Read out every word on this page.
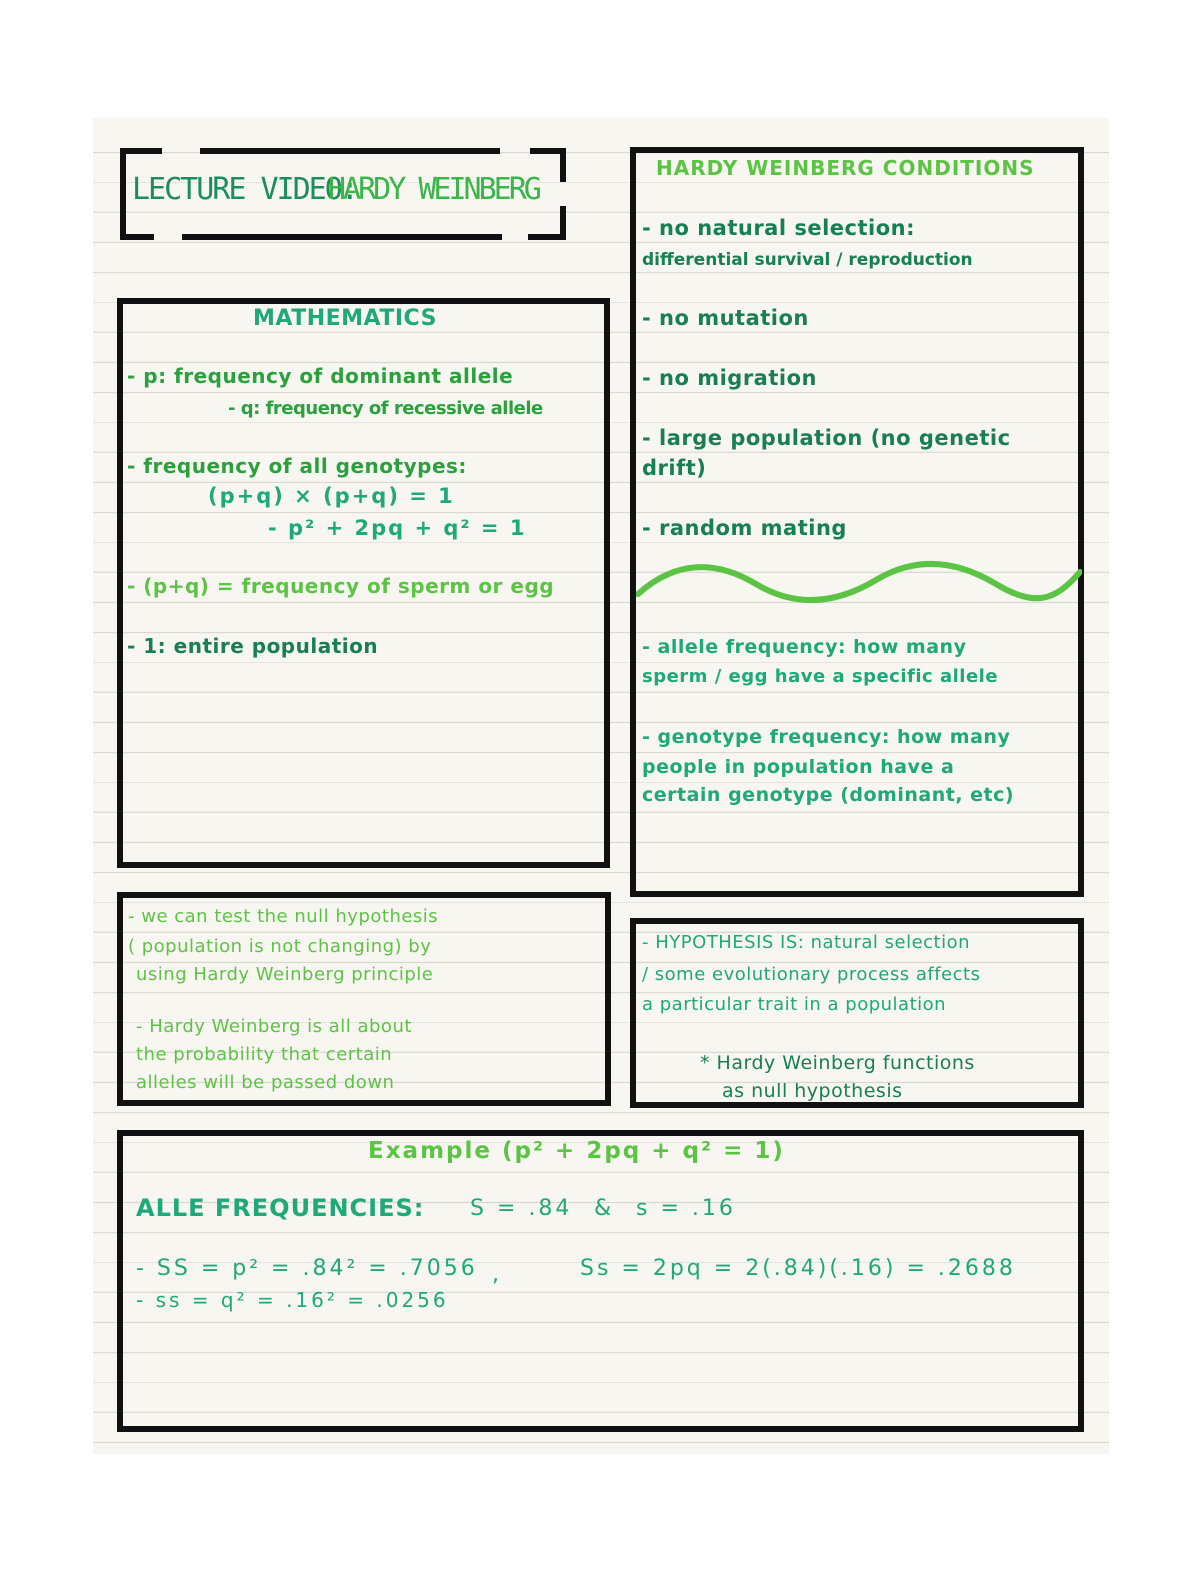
LECTURE VIDEO:
HARDY WEINBERG
MATHEMATICS
- p: frequency of dominant allele
- q: frequency of recessive allele
- frequency of all genotypes:
(p+q) × (p+q) = 1
- p² + 2pq + q² = 1
- (p+q) = frequency of sperm or egg
- 1: entire population
HARDY WEINBERG CONDITIONS
- no natural selection:
differential survival / reproduction
- no mutation
- no migration
- large population (no genetic
drift)
- random mating
- allele frequency: how many
sperm / egg have a specific allele
- genotype frequency: how many
people in population have a
certain genotype (dominant, etc)
- we can test the null hypothesis
( population is not changing) by
using Hardy Weinberg principle
- Hardy Weinberg is all about
the probability that certain
alleles will be passed down
- HYPOTHESIS IS: natural selection
/ some evolutionary process affects
a particular trait in a population
* Hardy Weinberg functions
as null hypothesis
Example (p² + 2pq + q² = 1)
ALLE FREQUENCIES: S = .84 & s = .16
- SS = p² = .84² = .7056 ,	Ss = 2pq = 2(.84)(.16) = .2688
- ss = q² = .16² = .0256
